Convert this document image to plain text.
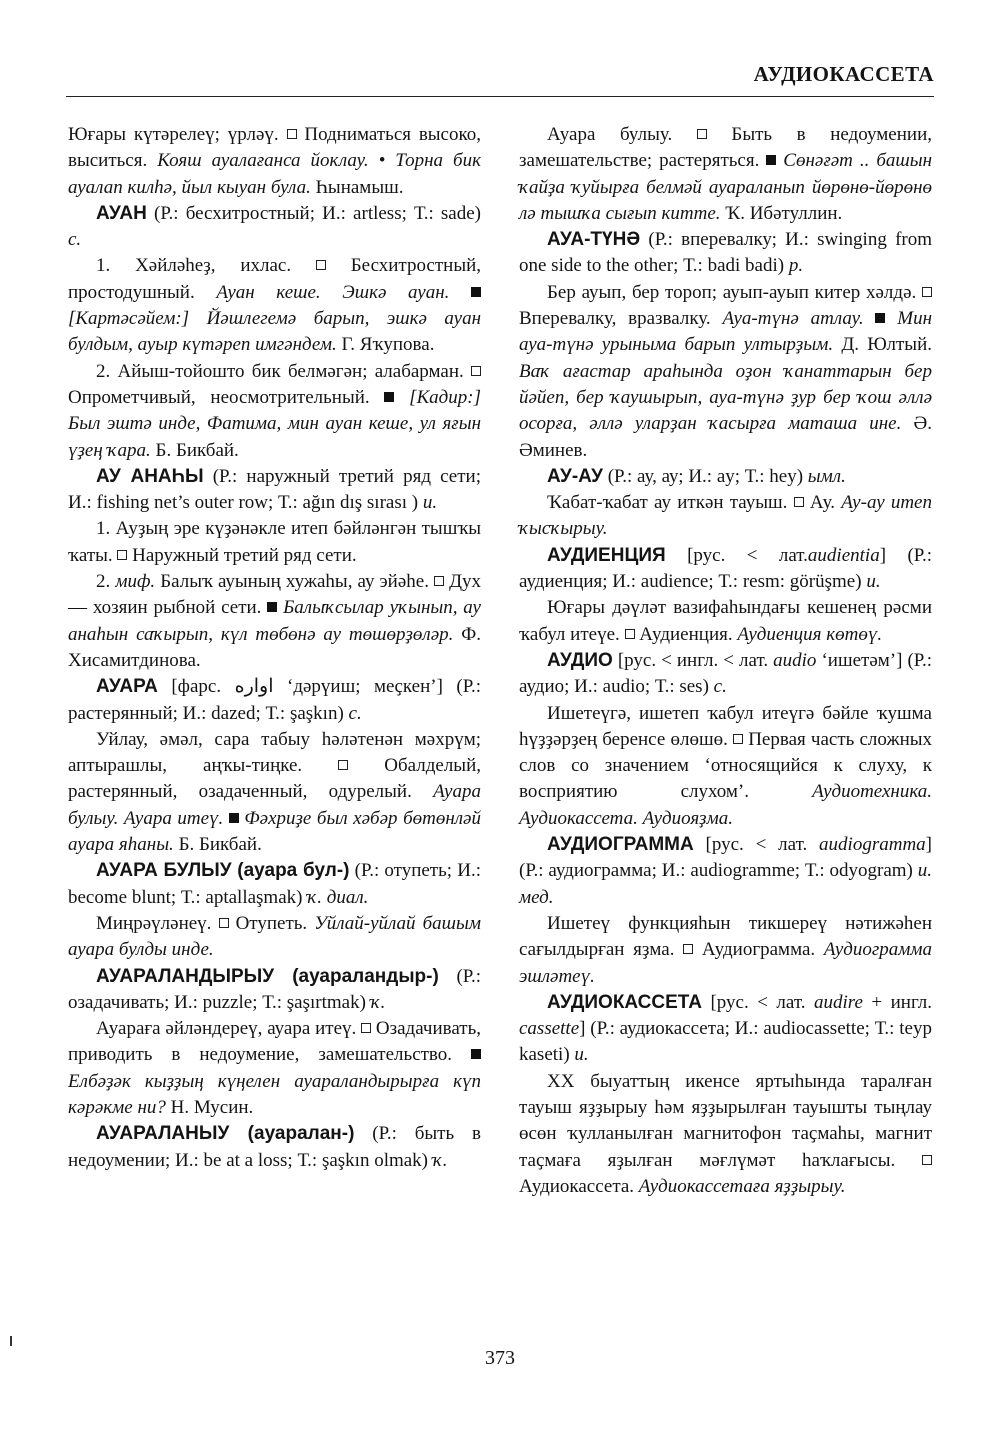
АУДИОКАССЕТА

Юғары күтәрелеү; үрләү. Подниматься высоко, выситься. Кояш ауалағанса йоклау. • Торна бик ауалап килһә, йыл кыуан була. Һынамыш.

АУАН (Р.: бесхитростный; И.: artless; Т.: sade) с.

1. Хәйләһеҙ, ихлас.	Бесхитростный, простодушный. Ауан кеше. Эшкә ауан.  [Картәсәйем:] Йәшлегемә барып, эшкә ауан булдым, ауыр күтәреп имгәндем. Г. Яҡупова.

2. Айыш-тойошто бик белмәгән; алабарман.  Опрометчивый, неосмотрительный. [Кадир:] Был эштә инде, Фатима, мин ауан кеше, ул яғын үҙең ҡара. Б. Бикбай.

АУ АНАҺЫ (Р.: наружный третий ряд сети; И.: fishing net’s outer row; Т.: ağın dış sırası ) и.

1. Ауҙың эре күҙәнәкле итеп бәйләнгән тышҡы ҡаты. Наружный третий ряд сети.

2. миф. Балыҡ ауының хужаһы, ау эйәһе. Дух — хозяин рыбной сети. Балыҡсылар уҡынып, ау анаһын саҡырып, күл төбөнә ау төшөрҙөләр. Ф. Хисамитдинова.

АУАРА [фарс. اواره ‘дәрүиш; меҫкен’] (Р.: растерянный; И.: dazed; Т.: şaşkın) с.

Уйлау, әмәл, сара табыу һәләтенән мәхрүм; аптырашлы, аңҡы-тиңке.	Обалделый, растерянный, озадаченный, одурелый. Ауара булыу. Ауара итеү. Фәхриҙе был хәбәр бөтөнләй ауара яһаны. Б. Бикбай.

АУАРА БУЛЫУ (ауара бул-) (Р.: отупеть; И.: become blunt; Т.: aptallaşmak) ҡ. диал.

Миңрәүләнеү. Отупеть. Уйлай-уйлай башым ауара булды инде.

АУАРАЛАНДЫРЫУ (ауараландыр-) (Р.: озадачивать; И.: puzzle; Т.: şaşırtmak) ҡ.

Ауараға әйләндереү, ауара итеү. Озадачивать, приводить в недоумение, замешательство.  Елбәҙәк кыҙҙың күңелен ауараландырырға күп кәрәкме ни? Н. Мусин.

АУАРАЛАНЫУ (ауаралан-) (Р.: быть в недоумении; И.: be at a loss; Т.: şaşkın olmak) ҡ.

Ауара булыу.	Быть в недоумении, замешательстве; растеряться. Сөнәғәт .. башын ҡайҙа ҡуйырға белмәй ауараланып йөрөнө-йөрөнө лә тышҡа сығып китте. Ҡ. Ибәтуллин.

АУА-ТҮНӘ (Р.: вперевалку; И.: swinging from one side to the other; Т.: badi badi) р.

Бер ауып, бер тороп; ауып-ауып китер хәлдә.  Вперевалку, вразвалку. Ауа-түнә атлау. Мин ауа-түнә урыныма барып ултырҙым. Д. Юлтый. Ваҡ ағастар араһында оҙон ҡанаттарын бер йәйеп, бер ҡаушырып, ауа-түнә ҙур бер ҡош әллә осорға, әллә уларҙан ҡасырға маташа ине. Ә. Әминев.

АУ-АУ (Р.: ау, ау; И.: ay; Т.: hey) ымл.

Ҡабат-ҡабат ау иткән тауыш. Ау. Ау-ау итеп ҡысҡырыу.

АУДИЕНЦИЯ [рус. < лат.audientia] (Р.: аудиенция; И.: audience; Т.: resm: görüşme) и.

Юғары дәүләт вазифаһындағы кешенең рәсми ҡабул итеүе. Аудиенция. Аудиенция көтөү.

АУДИО [рус. < ингл. < лат. audio ‘ишетәм’] (Р.: аудио; И.: audio; Т.: ses) с.

Ишетеүгә, ишетеп ҡабул итеүгә бәйле ҡушма һүҙҙәрҙең беренсе өлөшө. Первая часть сложных слов со значением ‘относящийся к слуху, к восприятию слухом’.	Аудиотехника. Аудиокассета. Аудиояҙма.

АУДИОГРАММА [рус. < лат. audiogramma] (Р.: аудиограмма; И.: audiogramme; Т.: odyogram) и. мед.

Ишетеү функцияһын тикшереү нәтижәһен сағылдырған яҙма. Аудиограмма. Аудиограмма эшләтеү.

АУДИОКАССЕТА [рус. < лат. audire + ингл. cassette] (Р.: аудиокассета; И.: audiocassette; Т.: teyp kaseti) и.

XX быуаттың икенсе яртыһында таралған тауыш яҙҙырыу һәм яҙҙырылған тауышты тыңлау өсөн ҡулланылған магнитофон таҫмаһы, магнит таҫмаға яҙылған мәғлүмәт һаҡлағысы.  Аудиокассета. Аудиокассетаға яҙҙырыу.

373
